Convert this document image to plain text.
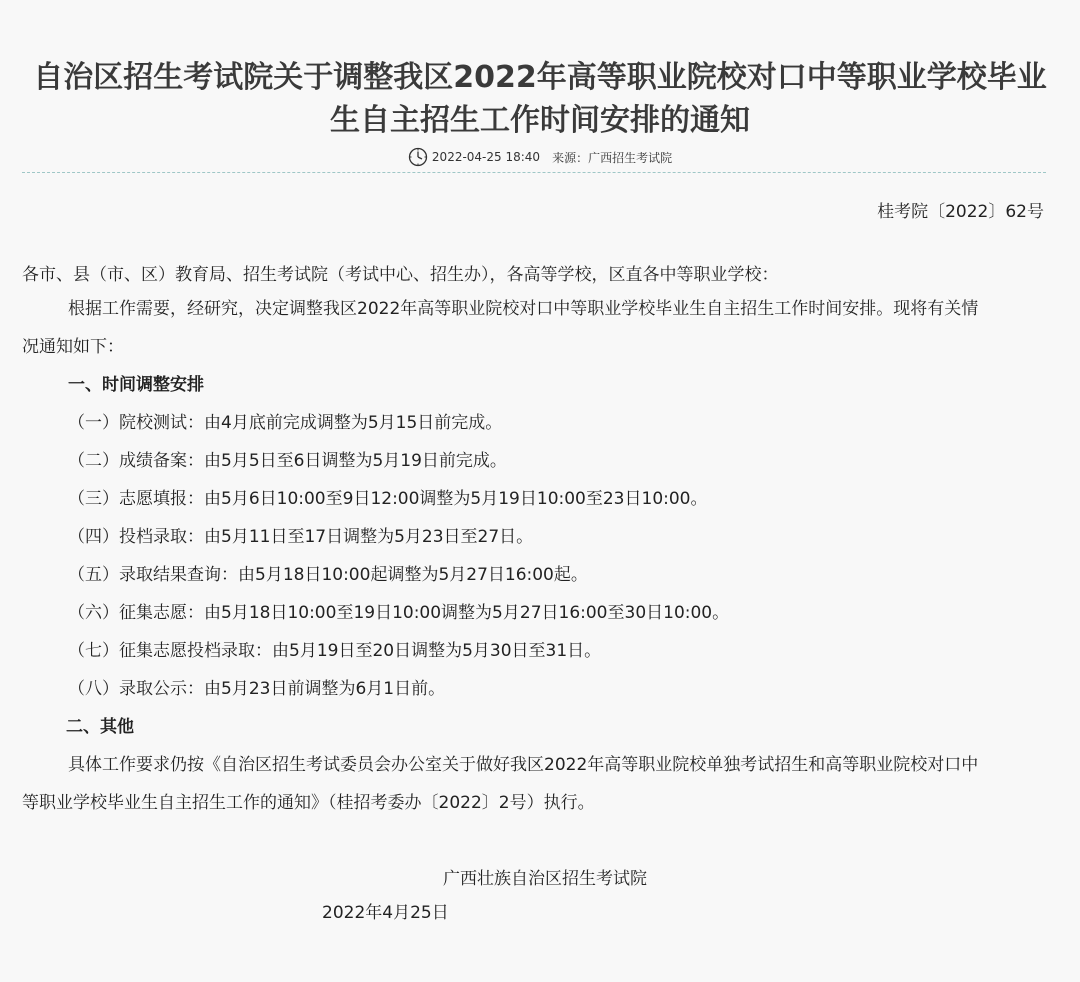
自治区招生考试院关于调整我区2022年高等职业院校对口中等职业学校毕业
生自主招生工作时间安排的通知
2022-04-25 18:40 来源：广西招生考试院
桂考院〔2022〕62号
各市、县（市、区）教育局、招生考试院（考试中心、招生办），各高等学校，区直各中等职业学校：
根据工作需要，经研究，决定调整我区2022年高等职业院校对口中等职业学校毕业生自主招生工作时间安排。现将有关情
况通知如下：
一、时间调整安排
（一）院校测试：由4月底前完成调整为5月15日前完成。
（二）成绩备案：由5月5日至6日调整为5月19日前完成。
（三）志愿填报：由5月6日10:00至9日12:00调整为5月19日10:00至23日10:00。
（四）投档录取：由5月11日至17日调整为5月23日至27日。
（五）录取结果查询：由5月18日10:00起调整为5月27日16:00起。
（六）征集志愿：由5月18日10:00至19日10:00调整为5月27日16:00至30日10:00。
（七）征集志愿投档录取：由5月19日至20日调整为5月30日至31日。
（八）录取公示：由5月23日前调整为6月1日前。
二、其他
具体工作要求仍按《自治区招生考试委员会办公室关于做好我区2022年高等职业院校单独考试招生和高等职业院校对口中
等职业学校毕业生自主招生工作的通知》（桂招考委办〔2022〕2号）执行。
广西壮族自治区招生考试院
2022年4月25日
